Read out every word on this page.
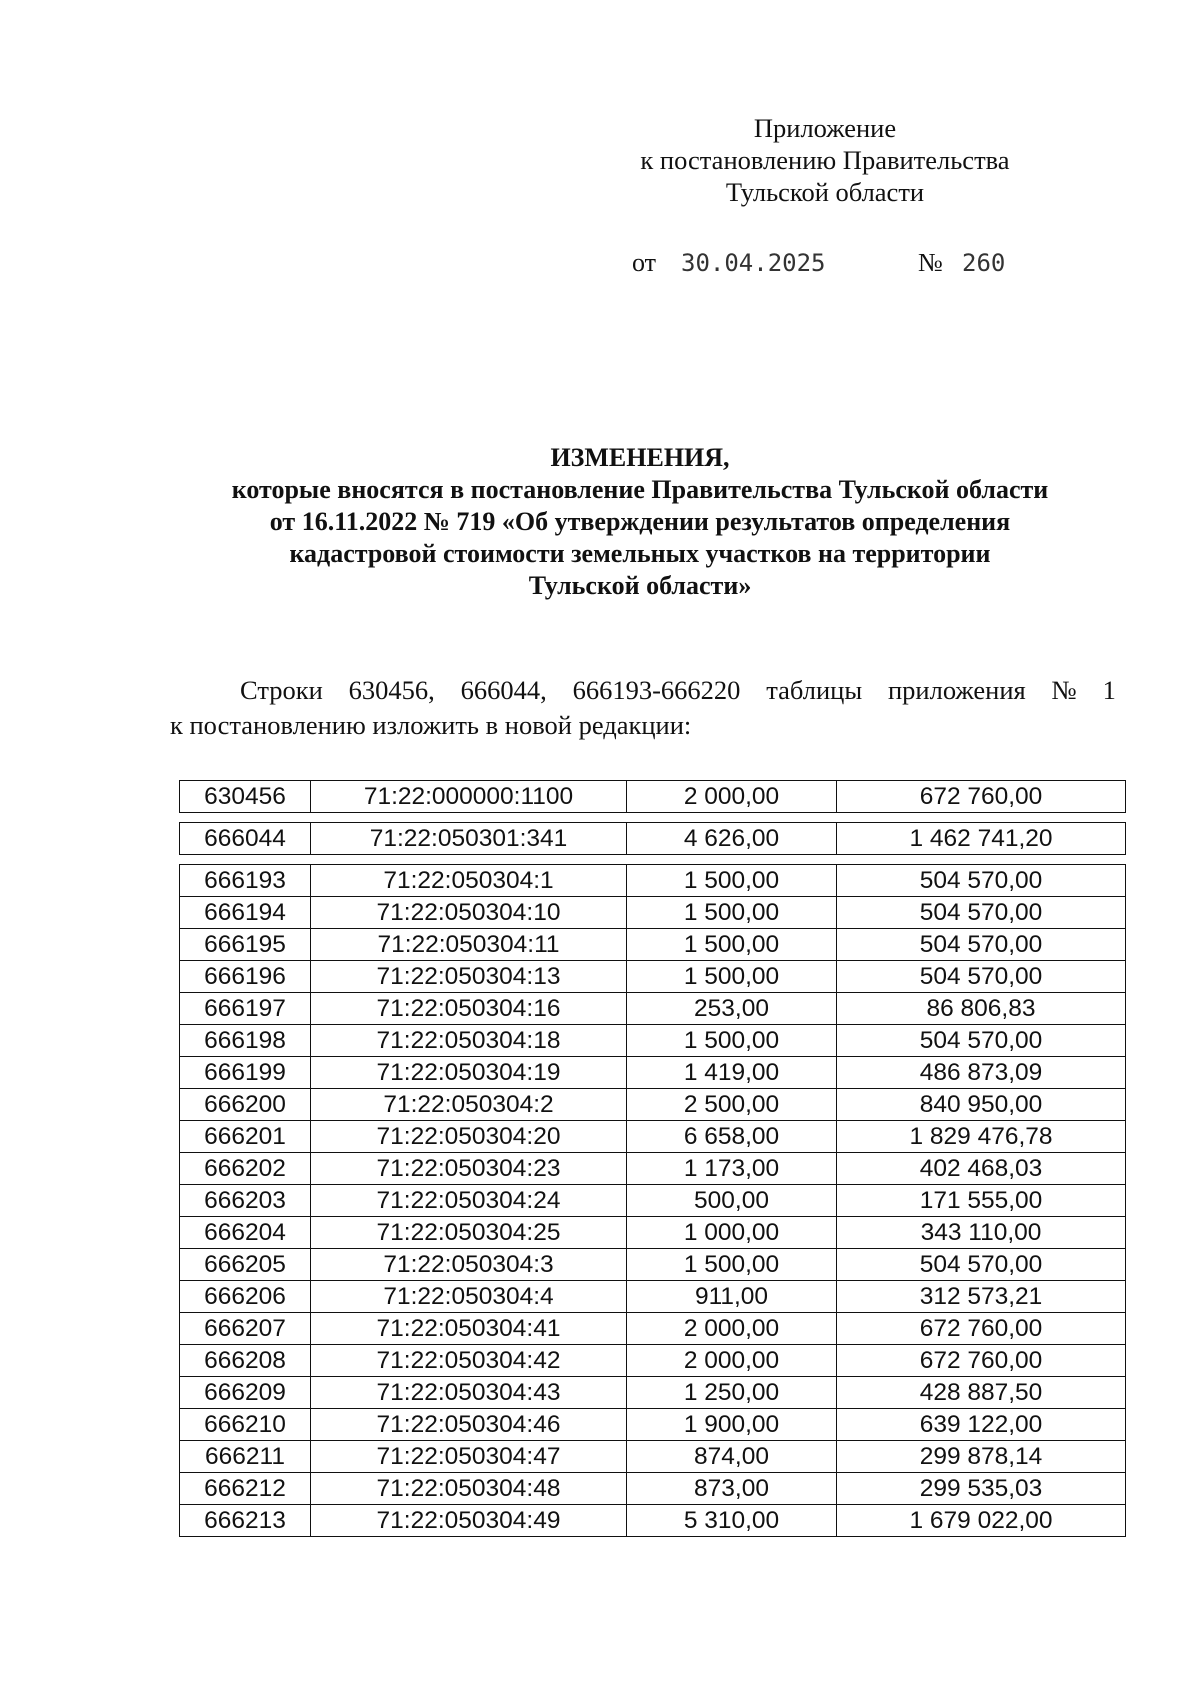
Приложение
к постановлению Правительства
Тульской области
от 30.04.2025	№ 260
ИЗМЕНЕНИЯ,
которые вносятся в постановление Правительства Тульской области
от 16.11.2022 № 719 «Об утверждении результатов определения
кадастровой стоимости земельных участков на территории
Тульской области»
Строки 630456, 666044, 666193-666220 таблицы приложения № 1
к постановлению изложить в новой редакции:
630456	71:22:000000:1100	2 000,00	672 760,00
666044	71:22:050301:341	4 626,00	1 462 741,20
666193	71:22:050304:1	1 500,00	504 570,00
666194	71:22:050304:10	1 500,00	504 570,00
666195	71:22:050304:11	1 500,00	504 570,00
666196	71:22:050304:13	1 500,00	504 570,00
666197	71:22:050304:16	253,00	86 806,83
666198	71:22:050304:18	1 500,00	504 570,00
666199	71:22:050304:19	1 419,00	486 873,09
666200	71:22:050304:2	2 500,00	840 950,00
666201	71:22:050304:20	6 658,00	1 829 476,78
666202	71:22:050304:23	1 173,00	402 468,03
666203	71:22:050304:24	500,00	171 555,00
666204	71:22:050304:25	1 000,00	343 110,00
666205	71:22:050304:3	1 500,00	504 570,00
666206	71:22:050304:4	911,00	312 573,21
666207	71:22:050304:41	2 000,00	672 760,00
666208	71:22:050304:42	2 000,00	672 760,00
666209	71:22:050304:43	1 250,00	428 887,50
666210	71:22:050304:46	1 900,00	639 122,00
666211	71:22:050304:47	874,00	299 878,14
666212	71:22:050304:48	873,00	299 535,03
666213	71:22:050304:49	5 310,00	1 679 022,00
